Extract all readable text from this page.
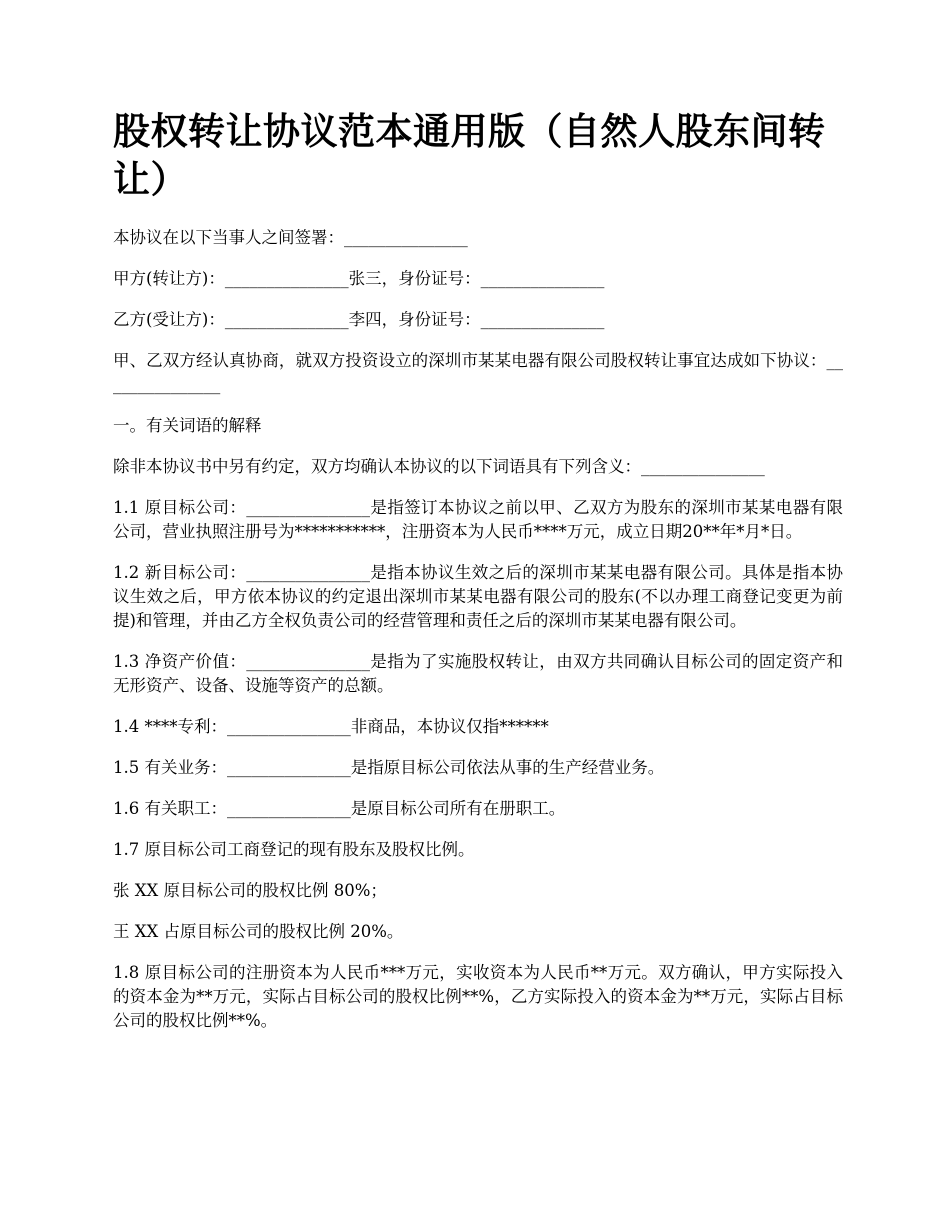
股权转让协议范本通用版（自然人股东间转让）

本协议在以下当事人之间签署：_______________

甲方(转让方)：_______________张三，身份证号：_______________

乙方(受让方)：_______________李四，身份证号：_______________

甲、乙双方经认真协商，就双方投资设立的深圳市某某电器有限公司股权转让事宜达成如下协议：_______________

一。有关词语的解释

除非本协议书中另有约定，双方均确认本协议的以下词语具有下列含义：_______________

1.1 原目标公司：_______________是指签订本协议之前以甲、乙双方为股东的深圳市某某电器有限公司，营业执照注册号为***********，注册资本为人民币****万元，成立日期20**年*月*日。

1.2 新目标公司：_______________是指本协议生效之后的深圳市某某电器有限公司。具体是指本协议生效之后，甲方依本协议的约定退出深圳市某某电器有限公司的股东(不以办理工商登记变更为前提)和管理，并由乙方全权负责公司的经营管理和责任之后的深圳市某某电器有限公司。

1.3 净资产价值：_______________是指为了实施股权转让，由双方共同确认目标公司的固定资产和无形资产、设备、设施等资产的总额。

1.4 ****专利：_______________非商品，本协议仅指******

1.5 有关业务：_______________是指原目标公司依法从事的生产经营业务。

1.6 有关职工：_______________是原目标公司所有在册职工。

1.7 原目标公司工商登记的现有股东及股权比例。

张 XX 原目标公司的股权比例 80%；

王 XX 占原目标公司的股权比例 20%。

1.8 原目标公司的注册资本为人民币***万元，实收资本为人民币**万元。双方确认，甲方实际投入的资本金为**万元，实际占目标公司的股权比例**%，乙方实际投入的资本金为**万元，实际占目标公司的股权比例**%。
